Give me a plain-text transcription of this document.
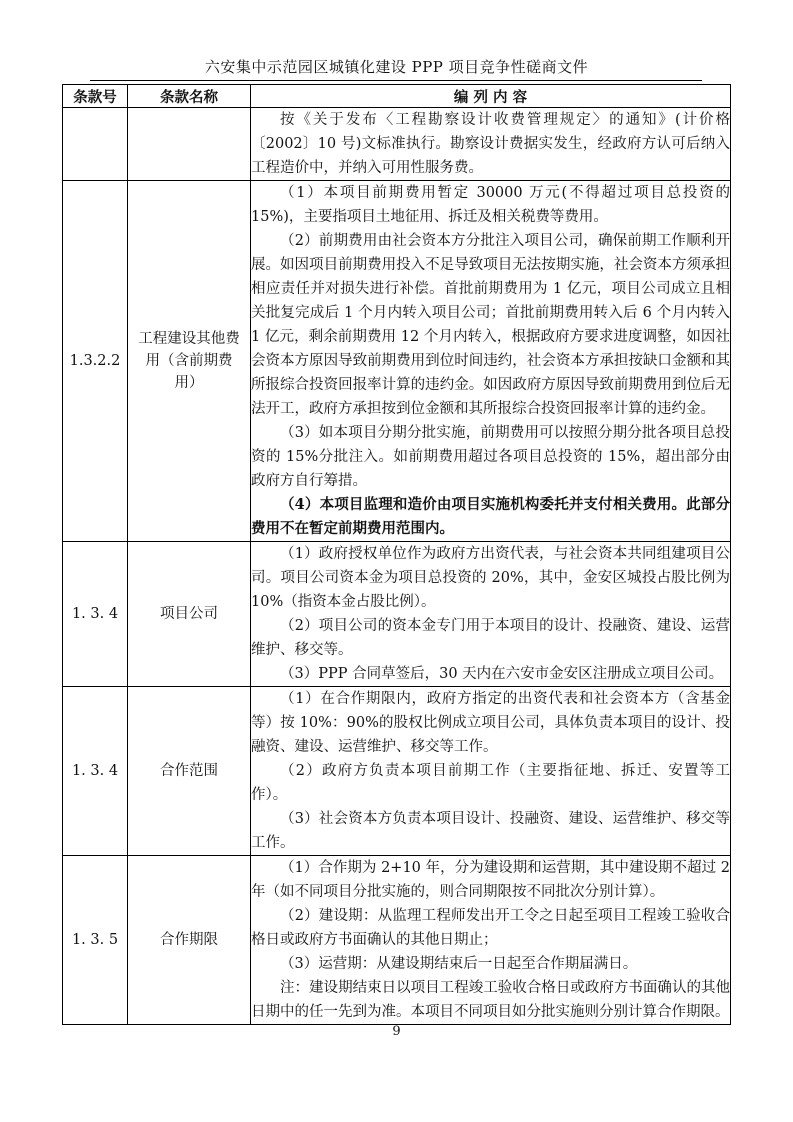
六安集中示范园区城镇化建设 PPP 项目竞争性磋商文件
条款号	条款名称	编 列 内 容

		按《关于发布〈工程勘察设计收费管理规定〉的通知》(计价格〔2002〕10 号)文标准执行。勘察设计费据实发生，经政府方认可后纳入工程造价中，并纳入可用性服务费。

1.3.2.2	工程建设其他费用（含前期费用）	（1）本项目前期费用暂定 30000 万元(不得超过项目总投资的 15%)，主要指项目土地征用、拆迁及相关税费等费用。

（2）前期费用由社会资本方分批注入项目公司，确保前期工作顺利开展。如因项目前期费用投入不足导致项目无法按期实施，社会资本方须承担相应责任并对损失进行补偿。首批前期费用为 1 亿元，项目公司成立且相关批复完成后 1 个月内转入项目公司；首批前期费用转入后 6 个月内转入 1 亿元，剩余前期费用 12 个月内转入，根据政府方要求进度调整，如因社会资本方原因导致前期费用到位时间违约，社会资本方承担按缺口金额和其所报综合投资回报率计算的违约金。如因政府方原因导致前期费用到位后无法开工，政府方承担按到位金额和其所报综合投资回报率计算的违约金。

（3）如本项目分期分批实施，前期费用可以按照分期分批各项目总投资的 15%分批注入。如前期费用超过各项目总投资的 15%，超出部分由政府方自行筹措。

（4）本项目监理和造价由项目实施机构委托并支付相关费用。此部分费用不在暂定前期费用范围内。

1. 3. 4	项目公司	（1）政府授权单位作为政府方出资代表，与社会资本共同组建项目公司。项目公司资本金为项目总投资的 20%，其中，金安区城投占股比例为 10%（指资本金占股比例）。

（2）项目公司的资本金专门用于本项目的设计、投融资、建设、运营维护、移交等。

（3）PPP 合同草签后，30 天内在六安市金安区注册成立项目公司。

1. 3. 4	合作范围	（1）在合作期限内，政府方指定的出资代表和社会资本方（含基金等）按 10%：90%的股权比例成立项目公司，具体负责本项目的设计、投融资、建设、运营维护、移交等工作。

（2）政府方负责本项目前期工作（主要指征地、拆迁、安置等工作）。

（3）社会资本方负责本项目设计、投融资、建设、运营维护、移交等工作。

1. 3. 5	合作期限	（1）合作期为 2+10 年，分为建设期和运营期，其中建设期不超过 2 年（如不同项目分批实施的，则合同期限按不同批次分别计算）。

（2）建设期：从监理工程师发出开工令之日起至项目工程竣工验收合格日或政府方书面确认的其他日期止；

（3）运营期：从建设期结束后一日起至合作期届满日。

注：建设期结束日以项目工程竣工验收合格日或政府方书面确认的其他日期中的任一先到为准。本项目不同项目如分批实施则分别计算合作期限。

9
